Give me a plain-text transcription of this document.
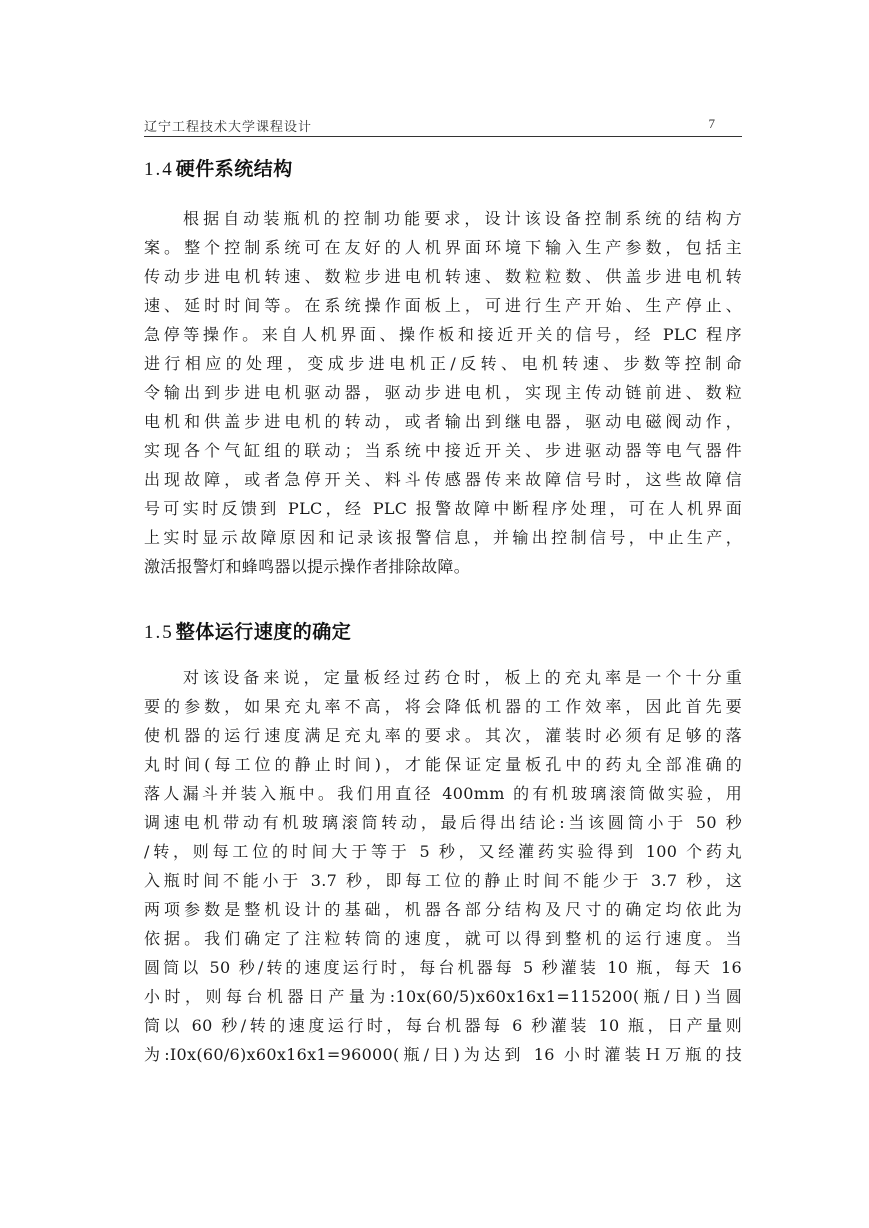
辽宁工程技术大学课程设计	7
1.4 硬件系统结构
根据自动装瓶机的控制功能要求，设计该设备控制系统的结构方
案。整个控制系统可在友好的人机界面环境下输入生产参数，包括主
传动步进电机转速、数粒步进电机转速、数粒粒数、供盖步进电机转
速、延时时间等。在系统操作面板上，可进行生产开始、生产停止、
急停等操作。来自人机界面、操作板和接近开关的信号，经 PLC 程序
进行相应的处理，变成步进电机正/反转、电机转速、步数等控制命
令输出到步进电机驱动器，驱动步进电机，实现主传动链前进、数粒
电机和供盖步进电机的转动，或者输出到继电器，驱动电磁阀动作，
实现各个气缸组的联动；当系统中接近开关、步进驱动器等电气器件
出现故障，或者急停开关、料斗传感器传来故障信号时，这些故障信
号可实时反馈到 PLC，经 PLC 报警故障中断程序处理，可在人机界面
上实时显示故障原因和记录该报警信息，并输出控制信号，中止生产，
激活报警灯和蜂鸣器以提示操作者排除故障。
1.5 整体运行速度的确定
对该设备来说，定量板经过药仓时，板上的充丸率是一个十分重
要的参数，如果充丸率不高，将会降低机器的工作效率，因此首先要
使机器的运行速度满足充丸率的要求。其次，灌装时必须有足够的落
丸时间(每工位的静止时间)，才能保证定量板孔中的药丸全部准确的
落人漏斗并装入瓶中。我们用直径 400mm 的有机玻璃滚筒做实验，用
调速电机带动有机玻璃滚筒转动，最后得出结论:当该圆筒小于 50 秒
/转，则每工位的时间大于等于 5 秒，又经灌药实验得到 100 个药丸
入瓶时间不能小于 3.7 秒，即每工位的静止时间不能少于 3.7 秒，这
两项参数是整机设计的基础，机器各部分结构及尺寸的确定均依此为
依据。我们确定了注粒转筒的速度，就可以得到整机的运行速度。当
圆筒以 50 秒/转的速度运行时，每台机器每 5 秒灌装 10 瓶，每天 16
小时，则每台机器日产量为:10x(60/5)x60x16x1=115200(瓶/日)当圆
筒以 60 秒/转的速度运行时，每台机器每 6 秒灌装 10 瓶，日产量则
为:I0x(60/6)x60x16x1=96000(瓶/日)为达到 16 小时灌装Ｈ万瓶的技
